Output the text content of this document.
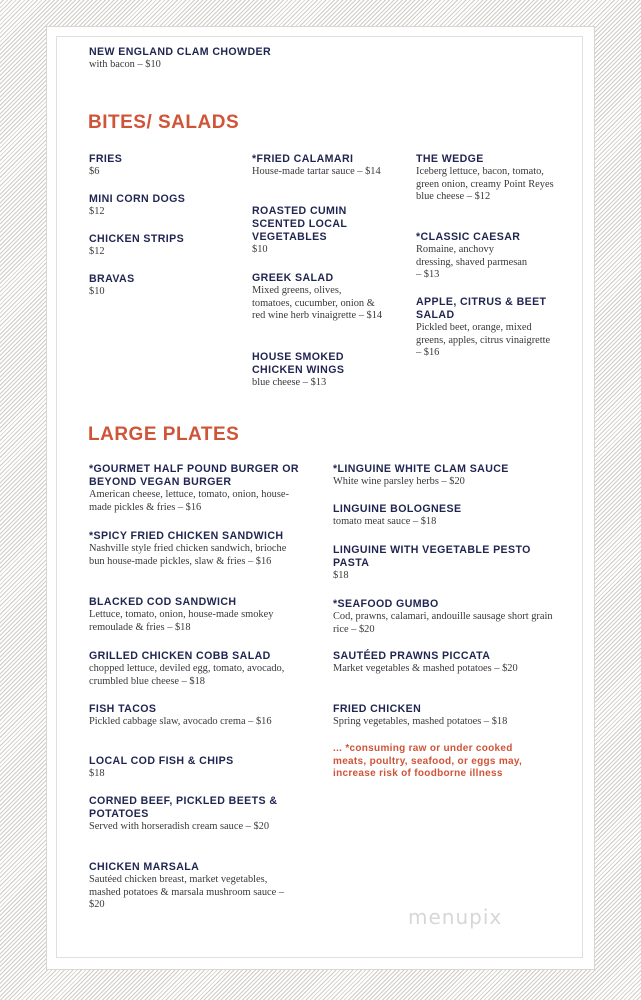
NEW ENGLAND CLAM CHOWDER
with bacon – $10
BITES/ SALADS
FRIES
$6
MINI CORN DOGS
$12
CHICKEN STRIPS
$12
BRAVAS
$10
*FRIED CALAMARI
House-made tartar sauce – $14
ROASTED CUMIN SCENTED LOCAL VEGETABLES
$10
GREEK SALAD
Mixed greens, olives, tomatoes, cucumber, onion & red wine herb vinaigrette – $14
HOUSE SMOKED CHICKEN WINGS
blue cheese – $13
THE WEDGE
Iceberg lettuce, bacon, tomato, green onion, creamy Point Reyes blue cheese – $12
*CLASSIC CAESAR
Romaine, anchovy dressing, shaved parmesan – $13
APPLE, CITRUS & BEET SALAD
Pickled beet, orange, mixed greens, apples, citrus vinaigrette – $16
LARGE PLATES
*GOURMET HALF POUND BURGER OR BEYOND VEGAN BURGER
American cheese, lettuce, tomato, onion, house-made pickles & fries – $16
*SPICY FRIED CHICKEN SANDWICH
Nashville style fried chicken sandwich, brioche bun house-made pickles, slaw & fries – $16
BLACKED COD SANDWICH
Lettuce, tomato, onion, house-made smokey remoulade & fries – $18
GRILLED CHICKEN COBB SALAD
chopped lettuce, deviled egg, tomato, avocado, crumbled blue cheese – $18
FISH TACOS
Pickled cabbage slaw, avocado crema – $16
LOCAL COD FISH & CHIPS
$18
CORNED BEEF, PICKLED BEETS & POTATOES
Served with horseradish cream sauce – $20
CHICKEN MARSALA
Sautéed chicken breast, market vegetables, mashed potatoes & marsala mushroom sauce – $20
*LINGUINE WHITE CLAM SAUCE
White wine parsley herbs – $20
LINGUINE BOLOGNESE
tomato meat sauce – $18
LINGUINE WITH VEGETABLE PESTO PASTA
$18
*SEAFOOD GUMBO
Cod, prawns, calamari, andouille sausage short grain rice – $20
SAUTÉED PRAWNS PICCATA
Market vegetables & mashed potatoes – $20
FRIED CHICKEN
Spring vegetables, mashed potatoes – $18
... *consuming raw or under cooked meats, poultry, seafood, or eggs may, increase risk of foodborne illness
menupix
